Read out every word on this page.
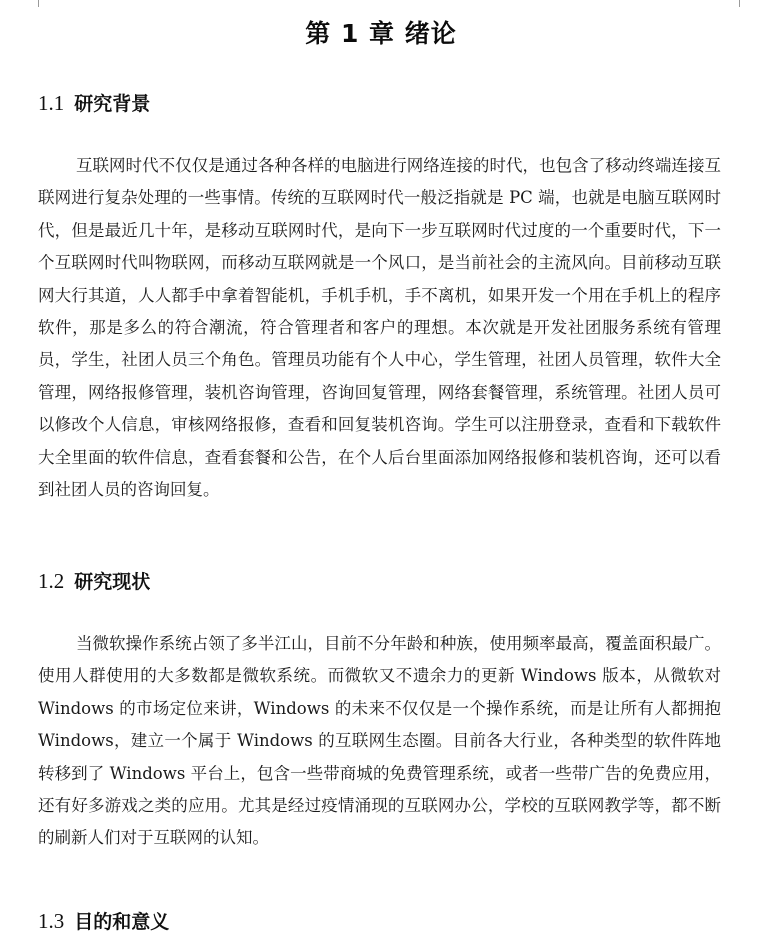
第 1 章 绪论
1.1 研究背景

互联网时代不仅仅是通过各种各样的电脑进行网络连接的时代，也包含了移动终端连接互联网进行复杂处理的一些事情。传统的互联网时代一般泛指就是 PC 端，也就是电脑互联网时代，但是最近几十年，是移动互联网时代，是向下一步互联网时代过度的一个重要时代，下一个互联网时代叫物联网，而移动互联网就是一个风口，是当前社会的主流风向。目前移动互联网大行其道，人人都手中拿着智能机，手机手机，手不离机，如果开发一个用在手机上的程序软件，那是多么的符合潮流，符合管理者和客户的理想。本次就是开发社团服务系统有管理员，学生，社团人员三个角色。管理员功能有个人中心，学生管理，社团人员管理，软件大全管理，网络报修管理，装机咨询管理，咨询回复管理，网络套餐管理，系统管理。社团人员可以修改个人信息，审核网络报修，查看和回复装机咨询。学生可以注册登录，查看和下载软件大全里面的软件信息，查看套餐和公告，在个人后台里面添加网络报修和装机咨询，还可以看到社团人员的咨询回复。

1.2 研究现状

当微软操作系统占领了多半江山，目前不分年龄和种族，使用频率最高，覆盖面积最广。使用人群使用的大多数都是微软系统。而微软又不遗余力的更新 Windows 版本，从微软对 Windows 的市场定位来讲，Windows 的未来不仅仅是一个操作系统，而是让所有人都拥抱 Windows，建立一个属于 Windows 的互联网生态圈。目前各大行业，各种类型的软件阵地转移到了 Windows 平台上，包含一些带商城的免费管理系统，或者一些带广告的免费应用，还有好多游戏之类的应用。尤其是经过疫情涌现的互联网办公，学校的互联网教学等，都不断的刷新人们对于互联网的认知。

1.3 目的和意义
